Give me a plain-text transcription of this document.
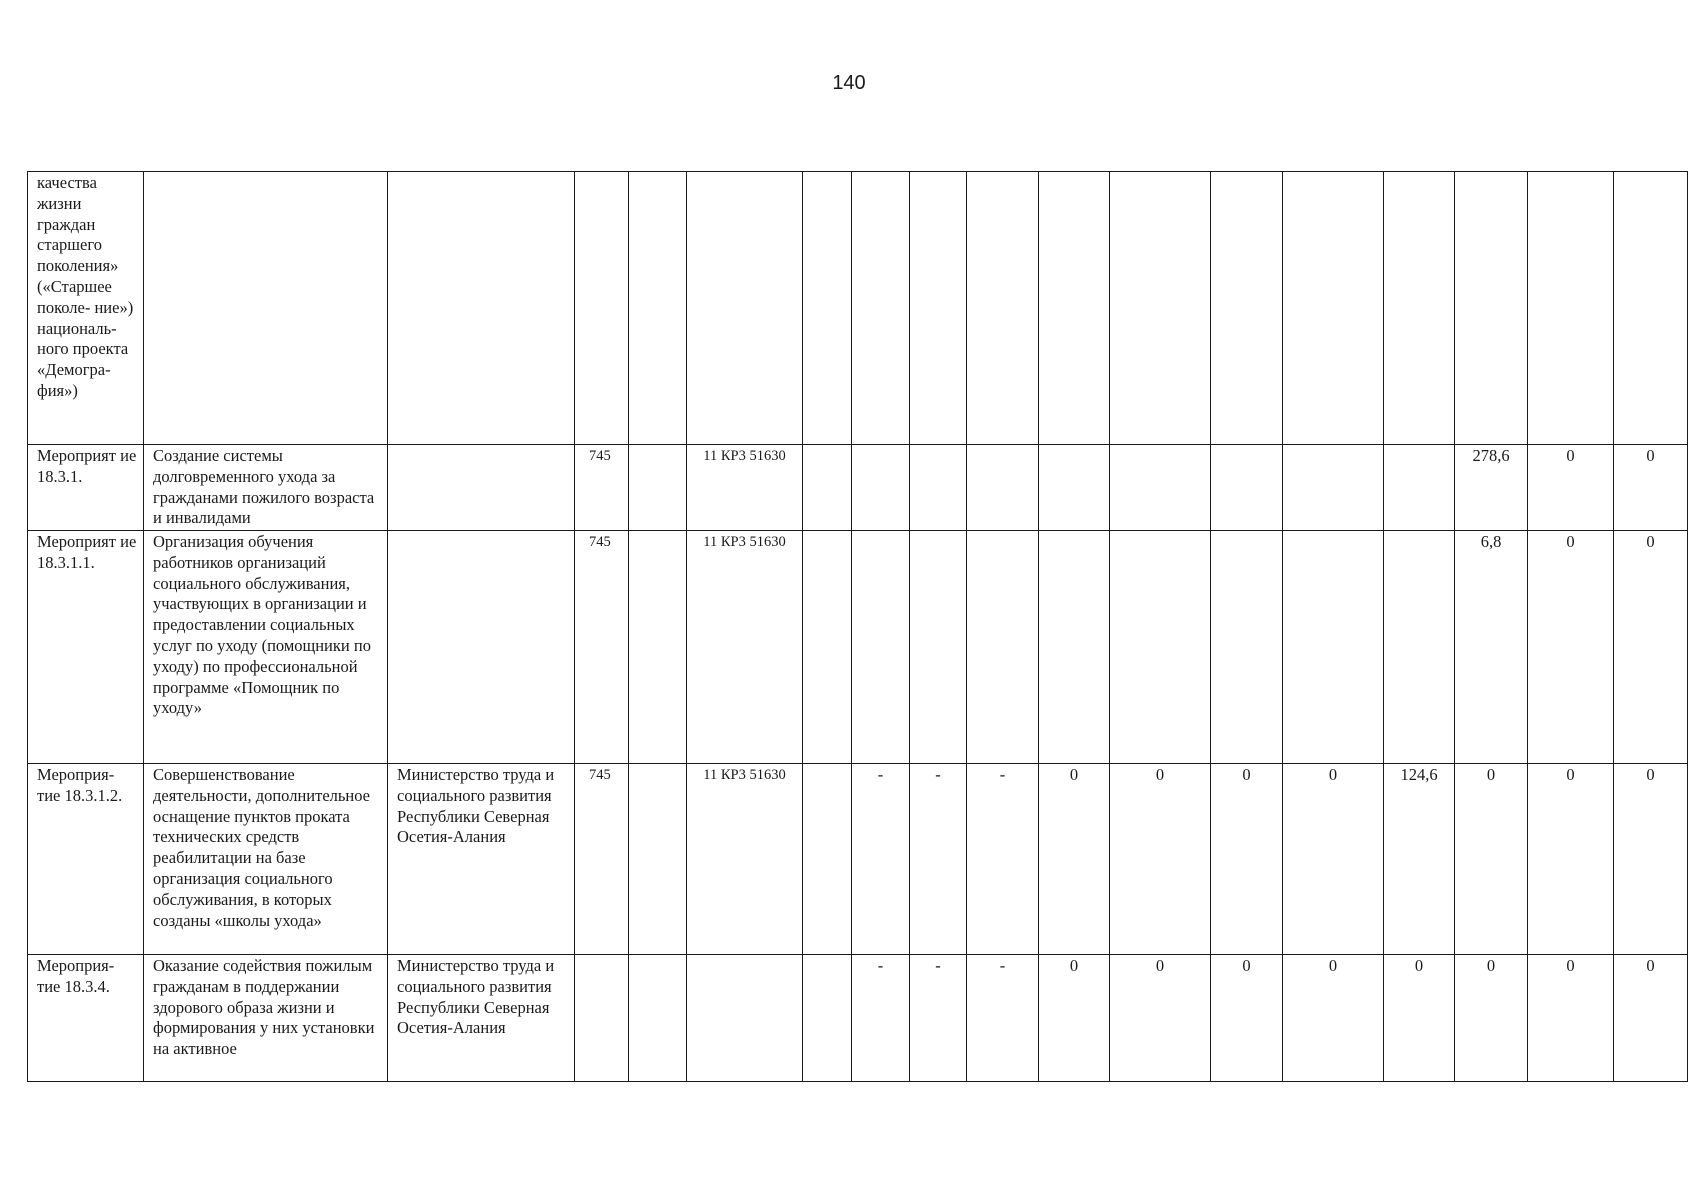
140
качества жизни граждан старшего поколения» («Старшее поколе- ние») националь- ного проекта «Демогра- фия»)																		
Мероприят ие 18.3.1.	Создание системы долговременного ухода за гражданами пожилого возраста и инвалидами		745		11 КР3 51630										278,6	0	0	
Мероприят ие 18.3.1.1.	Организация обучения работников организаций социального обслуживания, участвующих в организации и предоставлении социальных услуг по уходу (помощники по уходу) по профессиональной программе «Помощник по уходу»		745		11 КР3 51630										6,8	0	0	
Мероприя- тие 18.3.1.2.	Совершенствование деятельности, дополнительное оснащение пунктов проката технических средств реабилитации на базе организация социального обслуживания, в которых созданы «школы ухода»	Министерство труда и социального развития Республики Северная Осетия-Алания	745		11 КР3 51630		-	-	-	0	0	0	0	124,6	0	0	0	
Мероприя- тие 18.3.4.	Оказание содействия пожилым гражданам в поддержании здорового образа жизни и формирования у них установки на активное	Министерство труда и социального развития Республики Северная Осетия-Алания					-	-	-	0	0	0	0	0	0	0	0	
